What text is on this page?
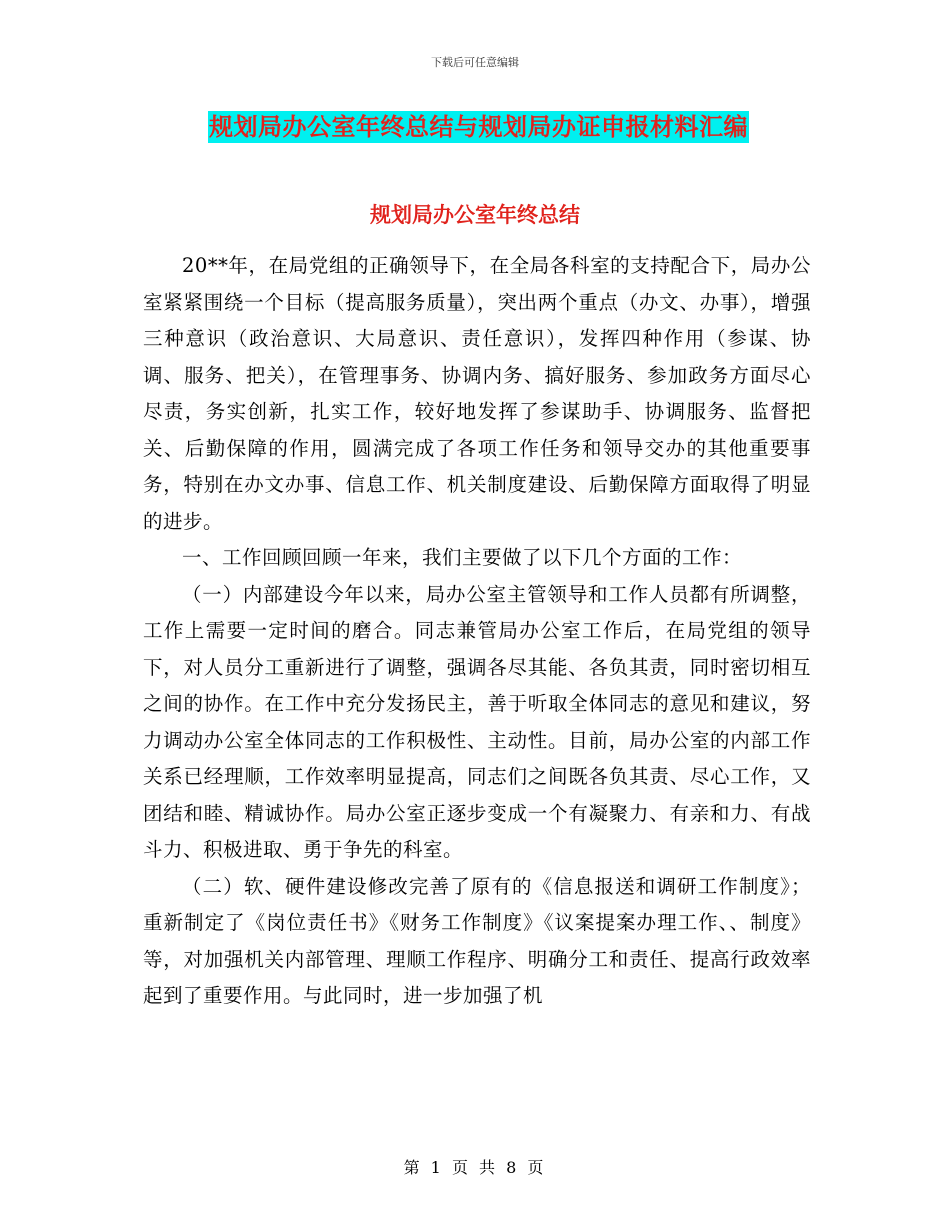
下载后可任意编辑
规划局办公室年终总结与规划局办证申报材料汇编
规划局办公室年终总结

20**年，在局党组的正确领导下，在全局各科室的支持配合下，局办公室紧紧围绕一个目标（提高服务质量），突出两个重点（办文、办事），增强三种意识（政治意识、大局意识、责任意识），发挥四种作用（参谋、协调、服务、把关），在管理事务、协调内务、搞好服务、参加政务方面尽心尽责，务实创新，扎实工作，较好地发挥了参谋助手、协调服务、监督把关、后勤保障的作用，圆满完成了各项工作任务和领导交办的其他重要事务，特别在办文办事、信息工作、机关制度建设、后勤保障方面取得了明显的进步。

一、工作回顾回顾一年来，我们主要做了以下几个方面的工作：

（一）内部建设今年以来，局办公室主管领导和工作人员都有所调整，工作上需要一定时间的磨合。同志兼管局办公室工作后，在局党组的领导下，对人员分工重新进行了调整，强调各尽其能、各负其责，同时密切相互之间的协作。在工作中充分发扬民主，善于听取全体同志的意见和建议，努力调动办公室全体同志的工作积极性、主动性。目前，局办公室的内部工作关系已经理顺，工作效率明显提高，同志们之间既各负其责、尽心工作，又团结和睦、精诚协作。局办公室正逐步变成一个有凝聚力、有亲和力、有战斗力、积极进取、勇于争先的科室。

（二）软、硬件建设修改完善了原有的《信息报送和调研工作制度》；重新制定了《岗位责任书》《财务工作制度》《议案提案办理工作、、制度》等，对加强机关内部管理、理顺工作程序、明确分工和责任、提高行政效率起到了重要作用。与此同时，进一步加强了机

第 1 页 共 8 页
